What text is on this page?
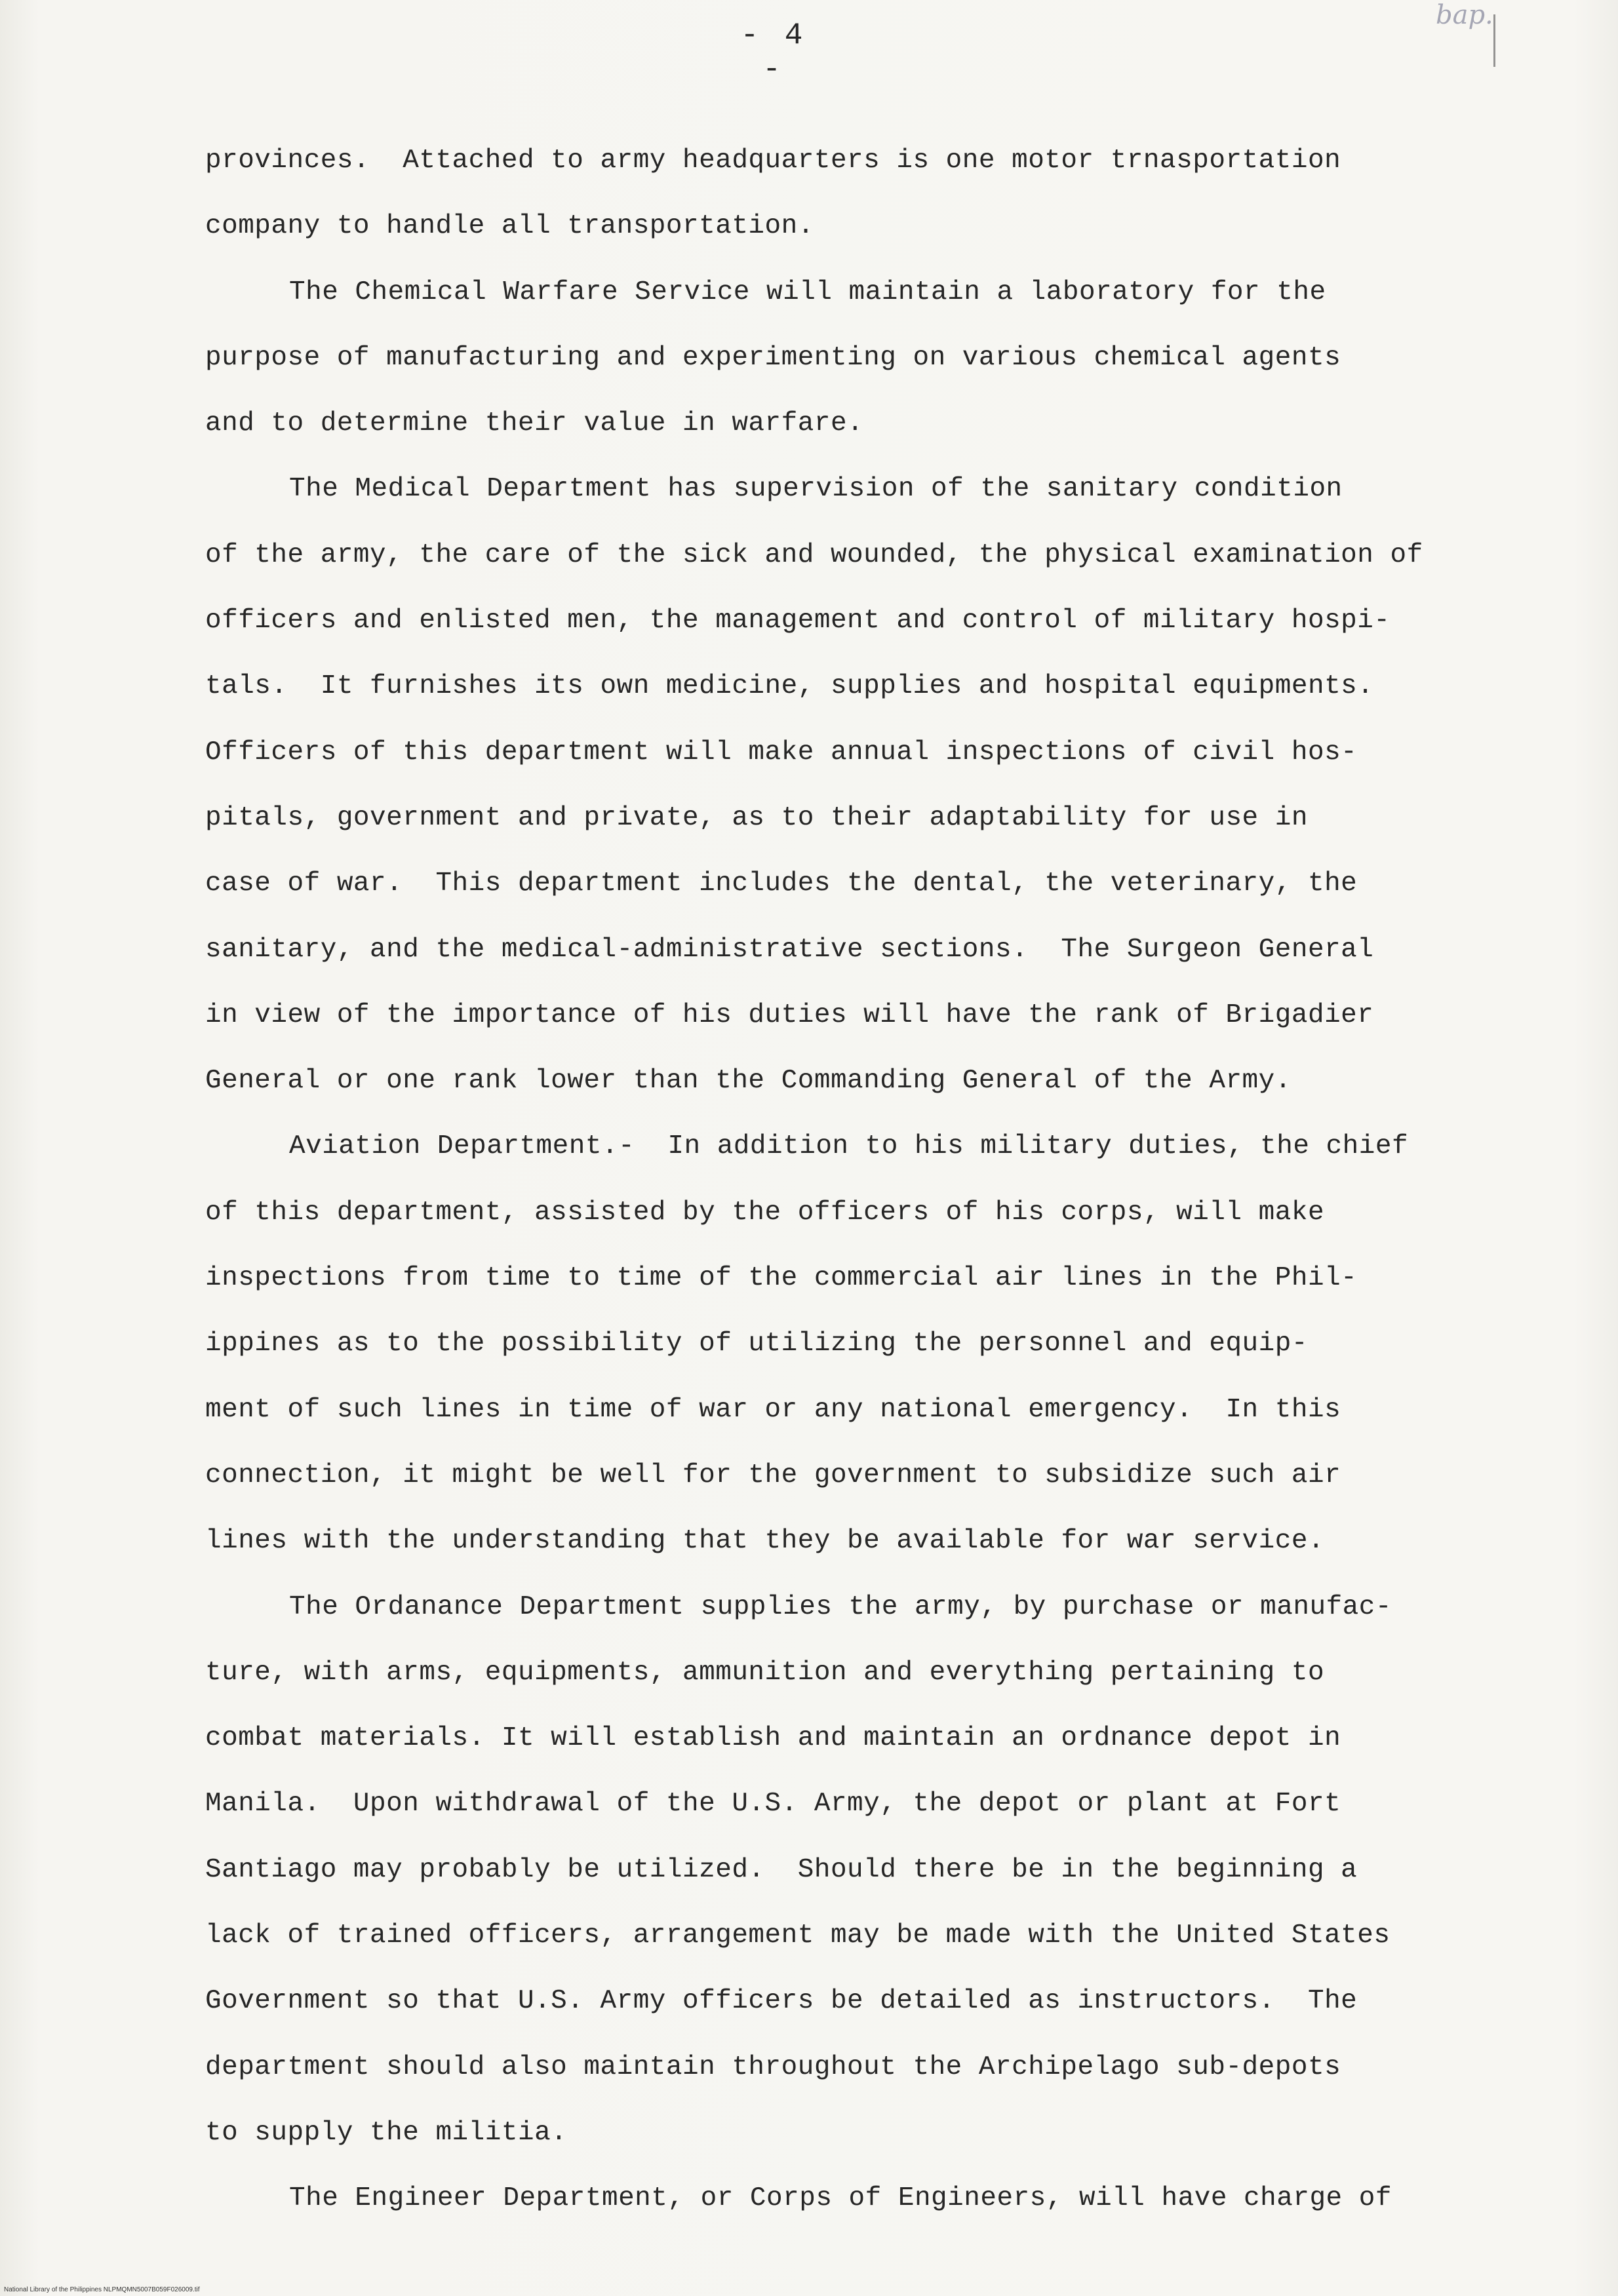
bap.
- 4 -
provinces.  Attached to army headquarters is one motor trnasportation
company to handle all transportation.
The Chemical Warfare Service will maintain a laboratory for the
purpose of manufacturing and experimenting on various chemical agents
and to determine their value in warfare.
The Medical Department has supervision of the sanitary condition
of the army, the care of the sick and wounded, the physical examination of
officers and enlisted men, the management and control of military hospi-
tals.  It furnishes its own medicine, supplies and hospital equipments.
Officers of this department will make annual inspections of civil hos-
pitals, government and private, as to their adaptability for use in
case of war.  This department includes the dental, the veterinary, the
sanitary, and the medical-administrative sections.  The Surgeon General
in view of the importance of his duties will have the rank of Brigadier
General or one rank lower than the Commanding General of the Army.
Aviation Department.-  In addition to his military duties, the chief
of this department, assisted by the officers of his corps, will make
inspections from time to time of the commercial air lines in the Phil-
ippines as to the possibility of utilizing the personnel and equip-
ment of such lines in time of war or any national emergency.  In this
connection, it might be well for the government to subsidize such air
lines with the understanding that they be available for war service.
The Ordanance Department supplies the army, by purchase or manufac-
ture, with arms, equipments, ammunition and everything pertaining to
combat materials. It will establish and maintain an ordnance depot in
Manila.  Upon withdrawal of the U.S. Army, the depot or plant at Fort
Santiago may probably be utilized.  Should there be in the beginning a
lack of trained officers, arrangement may be made with the United States
Government so that U.S. Army officers be detailed as instructors.  The
department should also maintain throughout the Archipelago sub-depots
to supply the militia.
The Engineer Department, or Corps of Engineers, will have charge of
National Library of the Philippines NLPMQMN5007B059F026009.tif
